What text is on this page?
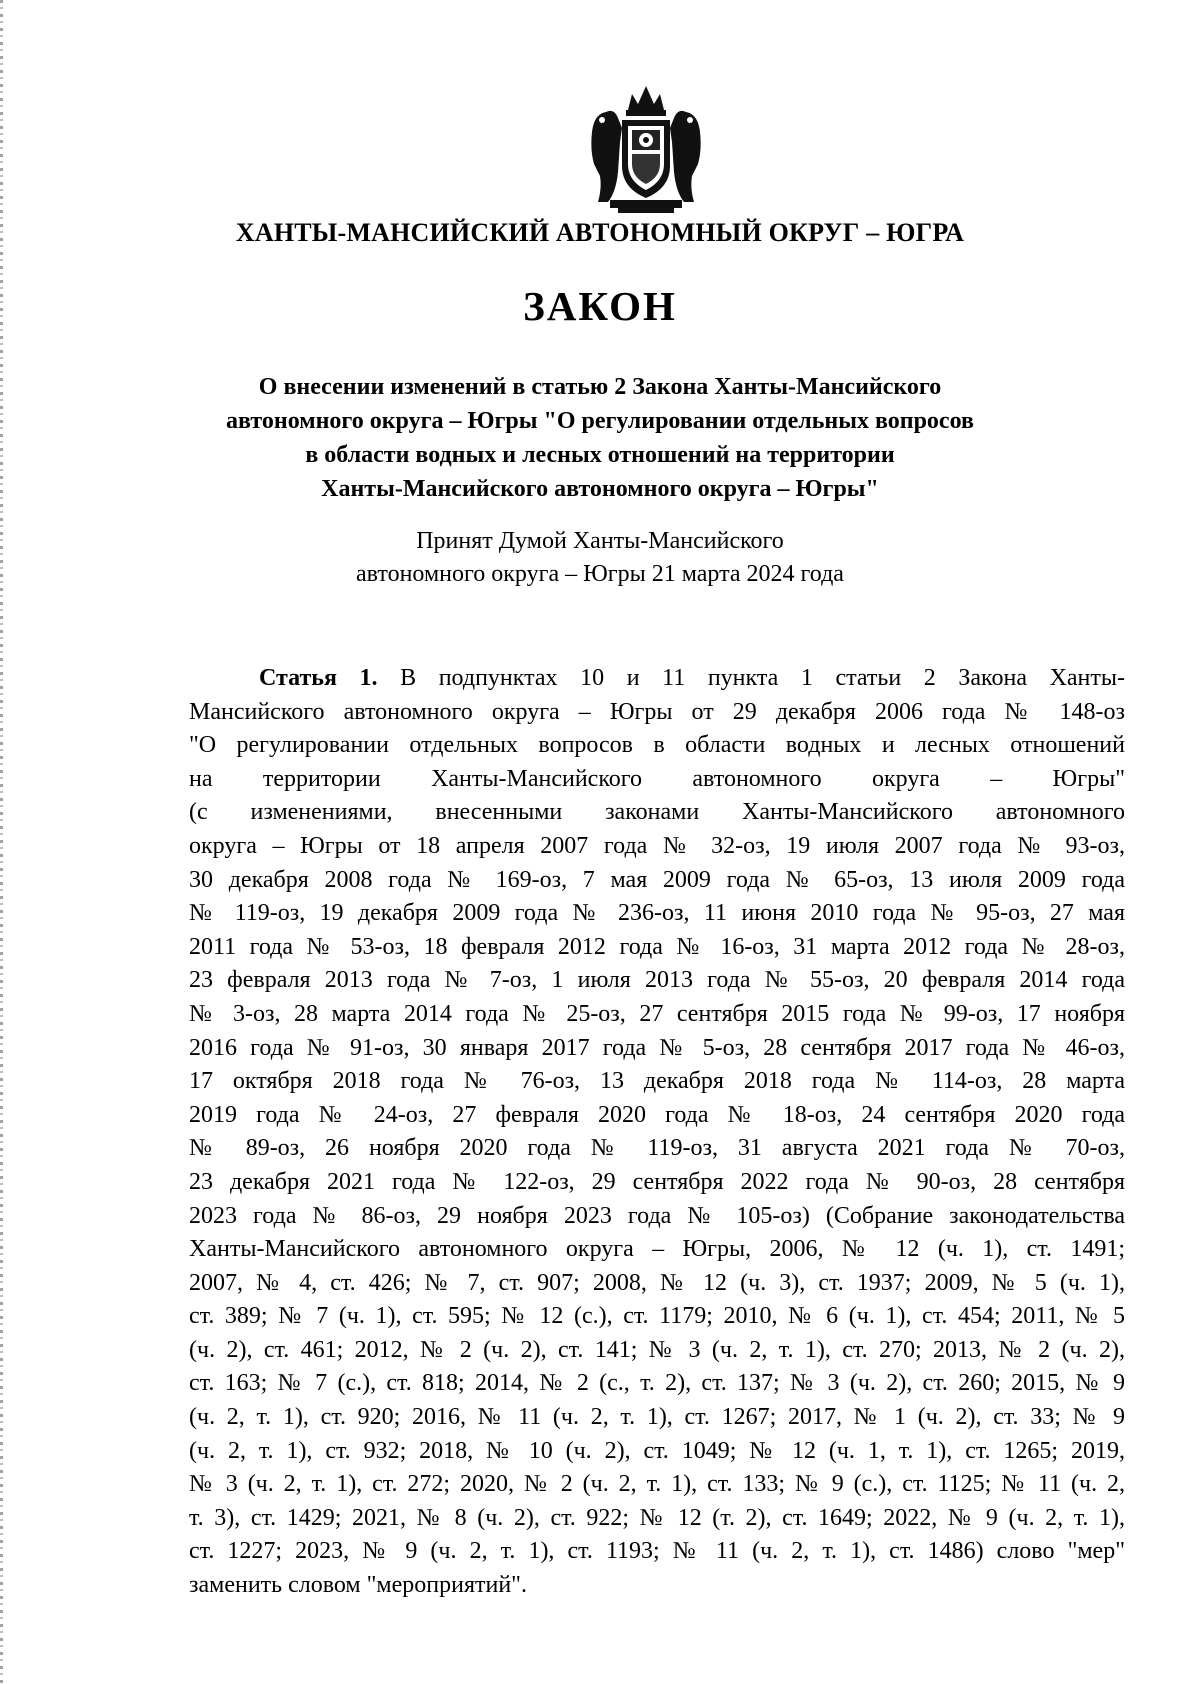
ХАНТЫ-МАНСИЙСКИЙ АВТОНОМНЫЙ ОКРУГ – ЮГРА
ЗАКОН
О внесении изменений в статью 2 Закона Ханты-Мансийского
автономного округа – Югры "О регулировании отдельных вопросов
в области водных и лесных отношений на территории
Ханты-Мансийского автономного округа – Югры"
Принят Думой Ханты-Мансийского
автономного округа – Югры 21 марта 2024 года
Статья 1. В подпунктах 10 и 11 пункта 1 статьи 2 Закона Ханты-
Мансийского автономного округа – Югры от 29 декабря 2006 года № 148-оз
"О регулировании отдельных вопросов в области водных и лесных отношений
на территории Ханты-Мансийского автономного округа – Югры"
(с изменениями, внесенными законами Ханты-Мансийского автономного
округа – Югры от 18 апреля 2007 года № 32-оз, 19 июля 2007 года № 93-оз,
30 декабря 2008 года № 169-оз, 7 мая 2009 года № 65-оз, 13 июля 2009 года
№ 119-оз, 19 декабря 2009 года № 236-оз, 11 июня 2010 года № 95-оз, 27 мая
2011 года № 53-оз, 18 февраля 2012 года № 16-оз, 31 марта 2012 года № 28-оз,
23 февраля 2013 года № 7-оз, 1 июля 2013 года № 55-оз, 20 февраля 2014 года
№ 3-оз, 28 марта 2014 года № 25-оз, 27 сентября 2015 года № 99-оз, 17 ноября
2016 года № 91-оз, 30 января 2017 года № 5-оз, 28 сентября 2017 года № 46-оз,
17 октября 2018 года № 76-оз, 13 декабря 2018 года № 114-оз, 28 марта
2019 года № 24-оз, 27 февраля 2020 года № 18-оз, 24 сентября 2020 года
№ 89-оз, 26 ноября 2020 года № 119-оз, 31 августа 2021 года № 70-оз,
23 декабря 2021 года № 122-оз, 29 сентября 2022 года № 90-оз, 28 сентября
2023 года № 86-оз, 29 ноября 2023 года № 105-оз) (Собрание законодательства
Ханты-Мансийского автономного округа – Югры, 2006, № 12 (ч. 1), ст. 1491;
2007, № 4, ст. 426; № 7, ст. 907; 2008, № 12 (ч. 3), ст. 1937; 2009, № 5 (ч. 1),
ст. 389; № 7 (ч. 1), ст. 595; № 12 (с.), ст. 1179; 2010, № 6 (ч. 1), ст. 454; 2011, № 5
(ч. 2), ст. 461; 2012, № 2 (ч. 2), ст. 141; № 3 (ч. 2, т. 1), ст. 270; 2013, № 2 (ч. 2),
ст. 163; № 7 (с.), ст. 818; 2014, № 2 (с., т. 2), ст. 137; № 3 (ч. 2), ст. 260; 2015, № 9
(ч. 2, т. 1), ст. 920; 2016, № 11 (ч. 2, т. 1), ст. 1267; 2017, № 1 (ч. 2), ст. 33; № 9
(ч. 2, т. 1), ст. 932; 2018, № 10 (ч. 2), ст. 1049; № 12 (ч. 1, т. 1), ст. 1265; 2019,
№ 3 (ч. 2, т. 1), ст. 272; 2020, № 2 (ч. 2, т. 1), ст. 133; № 9 (с.), ст. 1125; № 11 (ч. 2,
т. 3), ст. 1429; 2021, № 8 (ч. 2), ст. 922; № 12 (т. 2), ст. 1649; 2022, № 9 (ч. 2, т. 1),
ст. 1227; 2023, № 9 (ч. 2, т. 1), ст. 1193; № 11 (ч. 2, т. 1), ст. 1486) слово "мер"
заменить словом "мероприятий".
